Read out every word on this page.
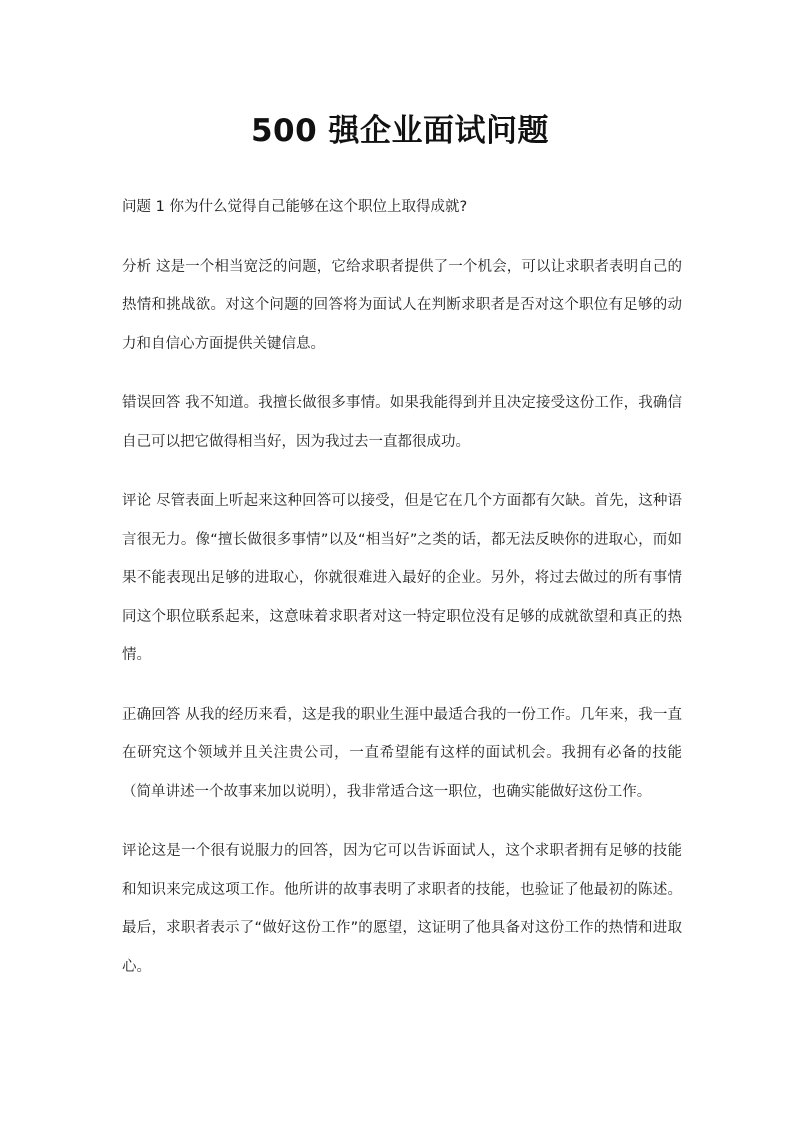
500 强企业面试问题

问题 1 你为什么觉得自己能够在这个职位上取得成就?

分析 这是一个相当宽泛的问题，它给求职者提供了一个机会，可以让求职者表明自己的热情和挑战欲。对这个问题的回答将为面试人在判断求职者是否对这个职位有足够的动力和自信心方面提供关键信息。

错误回答 我不知道。我擅长做很多事情。如果我能得到并且决定接受这份工作，我确信自己可以把它做得相当好，因为我过去一直都很成功。

评论 尽管表面上听起来这种回答可以接受，但是它在几个方面都有欠缺。首先，这种语言很无力。像“擅长做很多事情”以及“相当好”之类的话，都无法反映你的进取心，而如果不能表现出足够的进取心，你就很难进入最好的企业。另外，将过去做过的所有事情同这个职位联系起来，这意味着求职者对这一特定职位没有足够的成就欲望和真正的热情。

正确回答 从我的经历来看，这是我的职业生涯中最适合我的一份工作。几年来，我一直在研究这个领域并且关注贵公司，一直希望能有这样的面试机会。我拥有必备的技能（简单讲述一个故事来加以说明），我非常适合这一职位，也确实能做好这份工作。

评论这是一个很有说服力的回答，因为它可以告诉面试人，这个求职者拥有足够的技能和知识来完成这项工作。他所讲的故事表明了求职者的技能，也验证了他最初的陈述。最后，求职者表示了“做好这份工作”的愿望，这证明了他具备对这份工作的热情和进取心。
